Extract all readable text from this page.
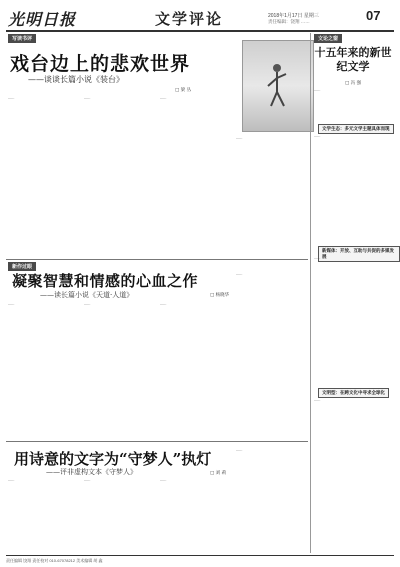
光明日报	文学评论	2018年1月17日 星期三
责任编辑：饶翔 ……	07
写读书评
戏台边上的悲欢世界
——谈谈长篇小说《装台》
□ 梁 丛
……	……	……
……
新作过眼
凝聚智慧和情感的心血之作
——读长篇小说《天道·人道》	□ 杨晓华
……	……	……
……
用诗意的文字为“守梦人”执灯
——评非虚构文本《守梦人》	□ 刘 莉
……	……	……
……
文论之窗
十五年来的新世纪文学
□ 冯 强
……
文学生态：多元文学主题具体而现
……
新媒体：开放、互助与共促的多媒发展
……
文明型：在跨文化中寻求全球化
……
责任编辑 饶翔 责任校对 010-67078212 美术编辑 胡 鑫
